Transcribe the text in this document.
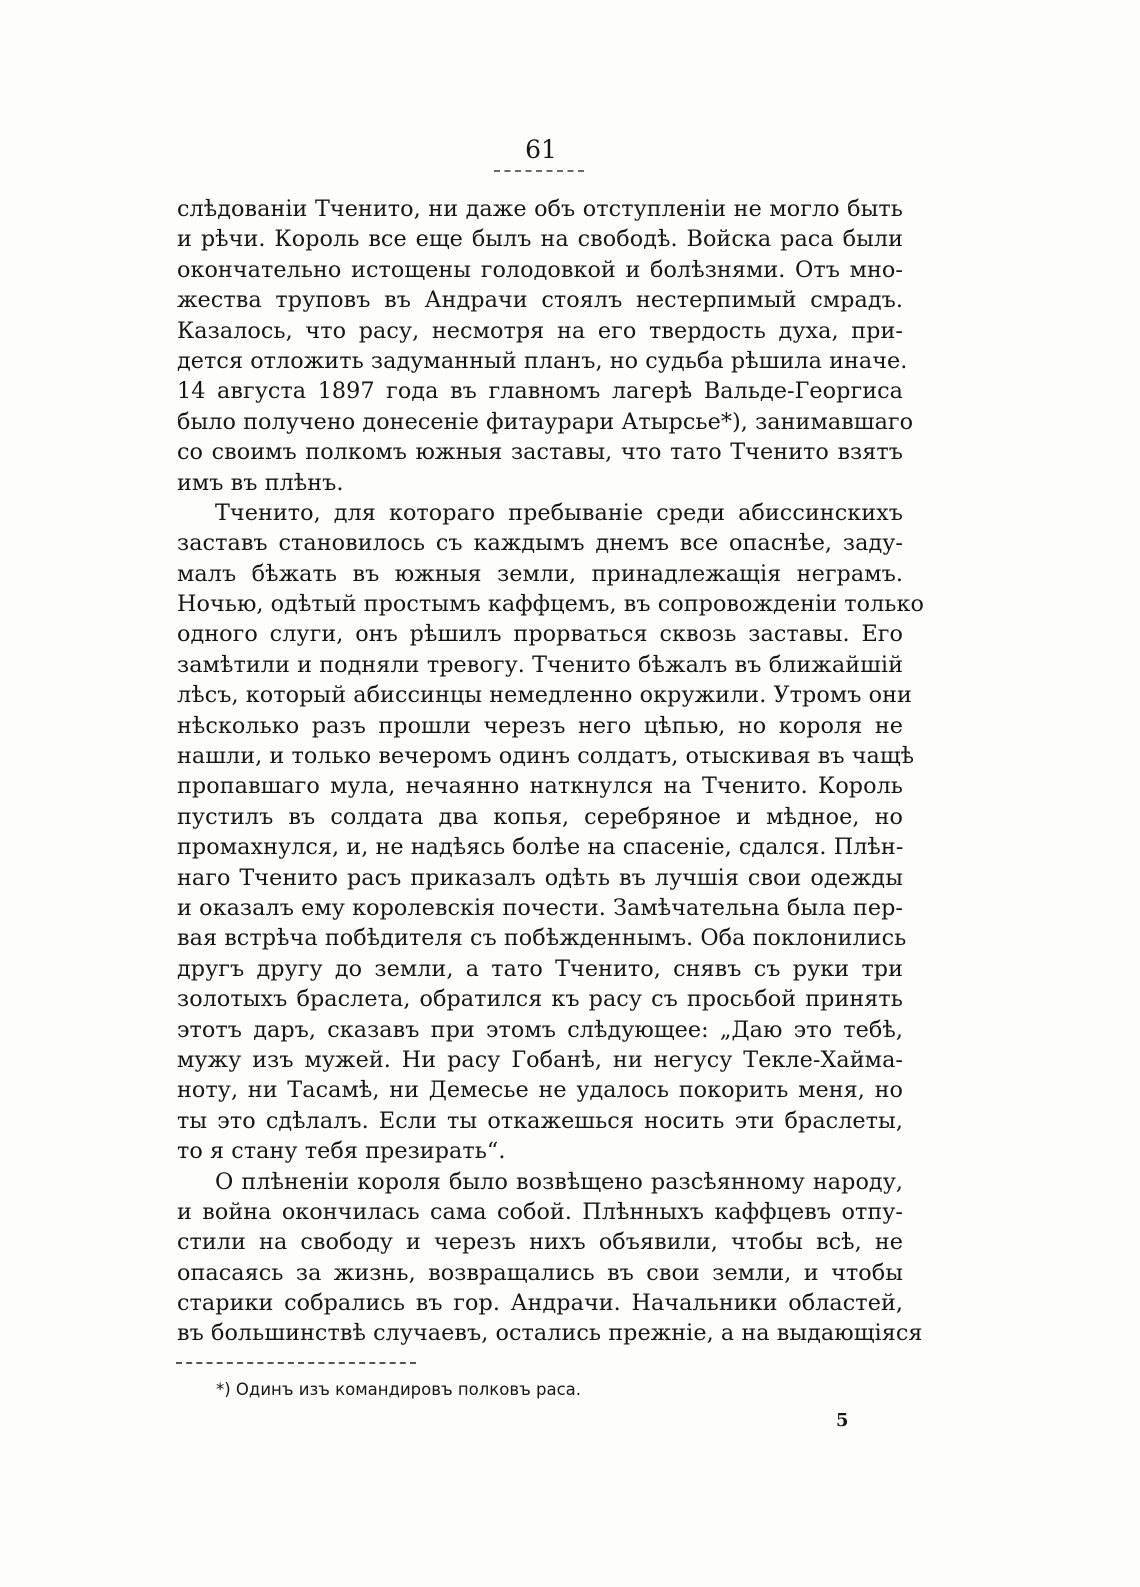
61
слѣдованіи Тченито, ни даже объ отступленіи не могло быть
и рѣчи. Король все еще былъ на свободѣ. Войска раса были
окончательно истощены голодовкой и болѣзнями. Отъ мно-
жества труповъ въ Андрачи стоялъ нестерпимый смрадъ.
Казалось, что расу, несмотря на его твердость духа, при-
дется отложить задуманный планъ, но судьба рѣшила иначе.
14 августа 1897 года въ главномъ лагерѣ Вальде-Георгиса
было получено донесеніе фитаурари Атырсье*), занимавшаго
со своимъ полкомъ южныя заставы, что тато Тченито взятъ
имъ въ плѣнъ.
Тченито, для котораго пребываніе среди абиссинскихъ
заставъ становилось съ каждымъ днемъ все опаснѣе, заду-
малъ бѣжать въ южныя земли, принадлежащія неграмъ.
Ночью, одѣтый простымъ каффцемъ, въ сопровожденіи только
одного слуги, онъ рѣшилъ прорваться сквозь заставы. Его
замѣтили и подняли тревогу. Тченито бѣжалъ въ ближайшій
лѣсъ, который абиссинцы немедленно окружили. Утромъ они
нѣсколько разъ прошли черезъ него цѣпью, но короля не
нашли, и только вечеромъ одинъ солдатъ, отыскивая въ чащѣ
пропавшаго мула, нечаянно наткнулся на Тченито. Король
пустилъ въ солдата два копья, серебряное и мѣдное, но
промахнулся, и, не надѣясь болѣе на спасеніе, сдался. Плѣн-
наго Тченито расъ приказалъ одѣть въ лучшія свои одежды
и оказалъ ему королевскія почести. Замѣчательна была пер-
вая встрѣча побѣдителя съ побѣжденнымъ. Оба поклонились
другъ другу до земли, а тато Тченито, снявъ съ руки три
золотыхъ браслета, обратился къ расу съ просьбой принять
этотъ даръ, сказавъ при этомъ слѣдующее: „Даю это тебѣ,
мужу изъ мужей. Ни расу Гобанѣ, ни негусу Текле-Хайма-
ноту, ни Тасамѣ, ни Демесье не удалось покорить меня, но
ты это сдѣлалъ. Если ты откажешься носить эти браслеты,
то я стану тебя презирать“.
О плѣненіи короля было возвѣщено разсѣянному народу,
и война окончилась сама собой. Плѣнныхъ каффцевъ отпу-
стили на свободу и черезъ нихъ объявили, чтобы всѣ, не
опасаясь за жизнь, возвращались въ свои земли, и чтобы
старики собрались въ гор. Андрачи. Начальники областей,
въ большинствѣ случаевъ, остались прежніе, а на выдающіяся
*) Одинъ изъ командировъ полковъ раса.
5
